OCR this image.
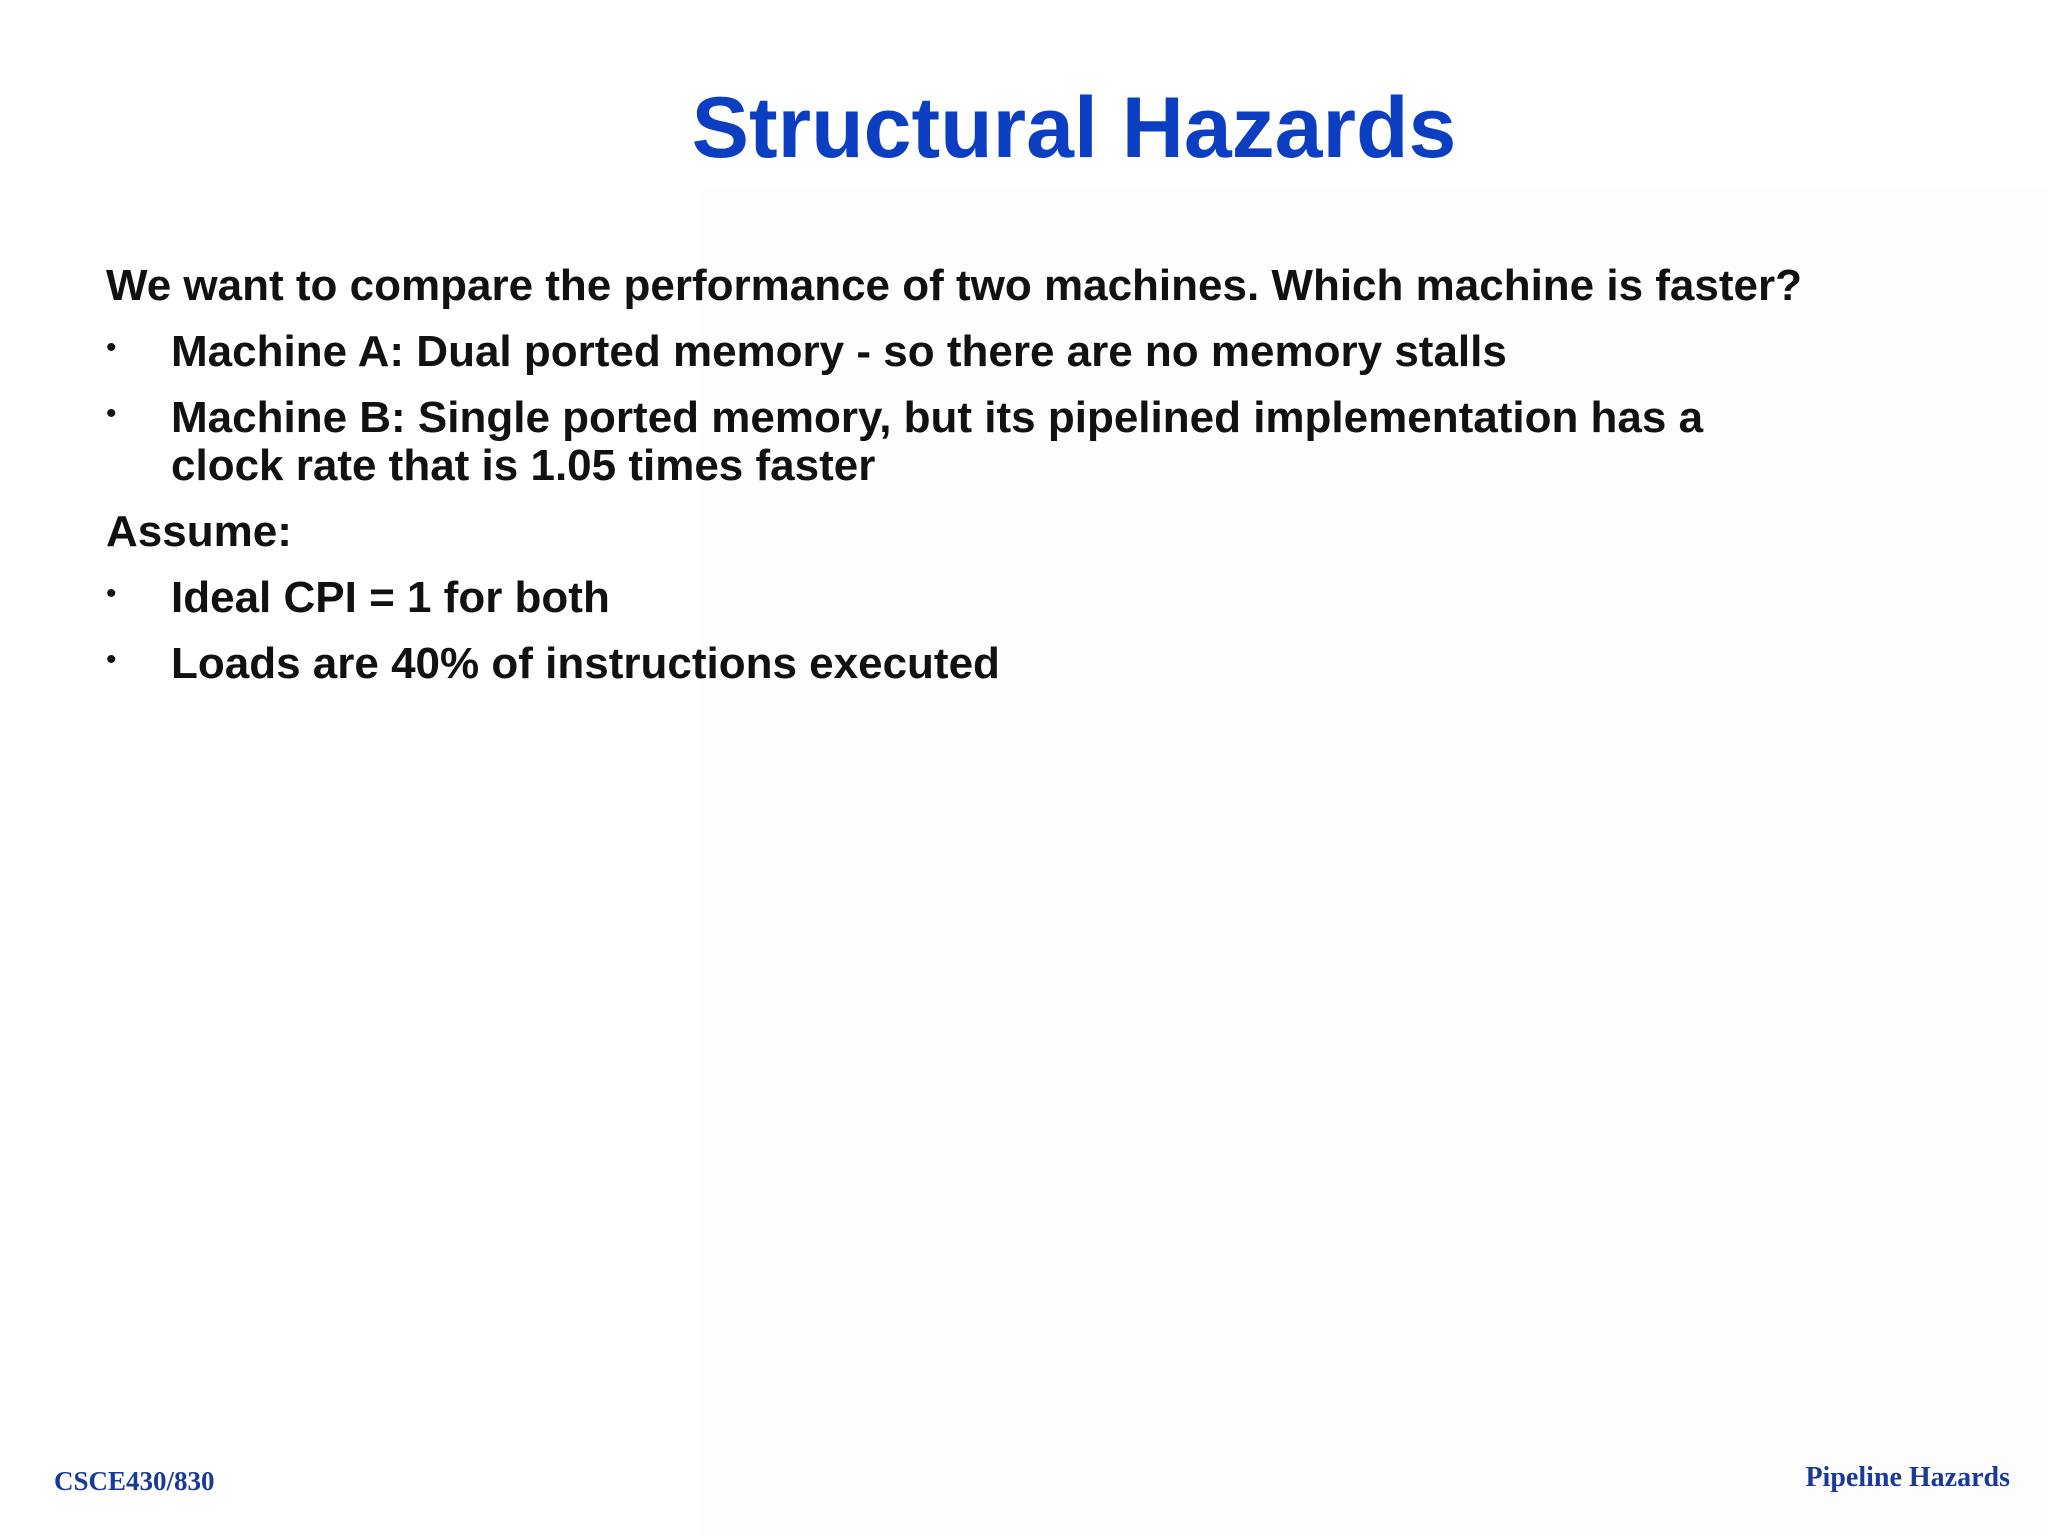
Structural Hazards

We want to compare the performance of two machines. Which machine is faster?

• Machine A: Dual ported memory - so there are no memory stalls
• Machine B: Single ported memory, but its pipelined implementation has a clock rate that is 1.05 times faster

Assume:

• Ideal CPI = 1 for both
• Loads are 40% of instructions executed
CSCE430/830	Pipeline Hazards
